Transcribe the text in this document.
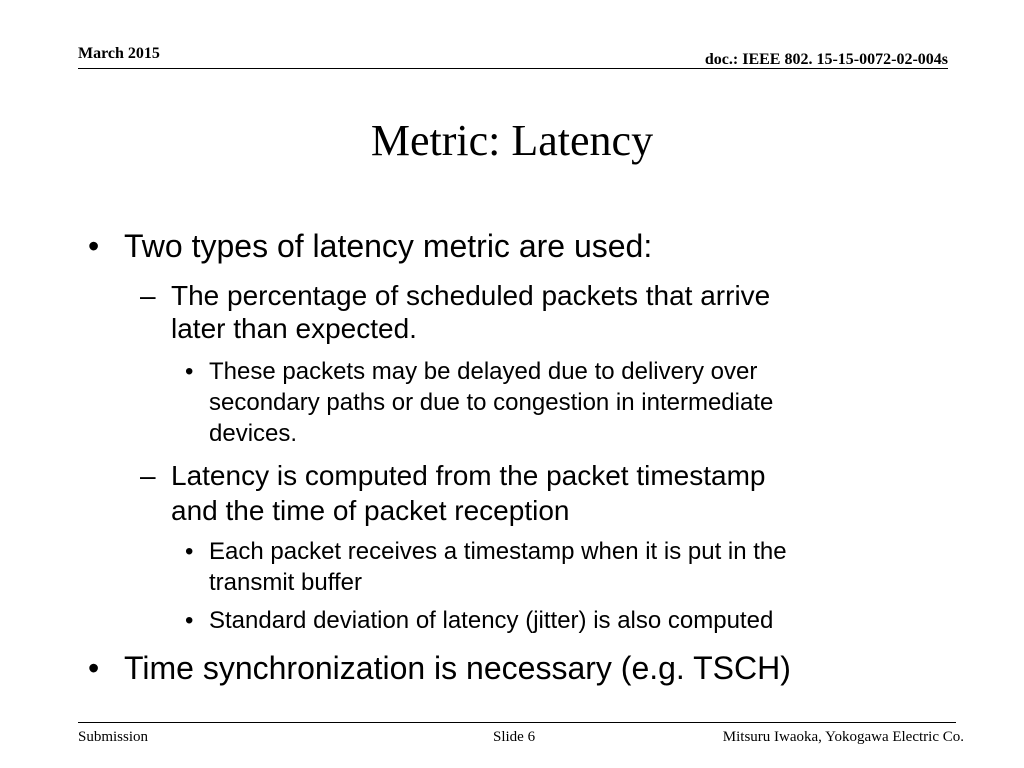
March 2015	doc.: IEEE 802. 15-15-0072-02-004s
Metric: Latency
• Two types of latency metric are used:
– The percentage of scheduled packets that arrive
later than expected.
• These packets may be delayed due to delivery over
secondary paths or due to congestion in intermediate
devices.
– Latency is computed from the packet timestamp
and the time of packet reception
• Each packet receives a timestamp when it is put in the
transmit buffer
• Standard deviation of latency (jitter) is also computed
• Time synchronization is necessary (e.g. TSCH)
Submission	Slide 6	Mitsuru Iwaoka, Yokogawa Electric Co.
